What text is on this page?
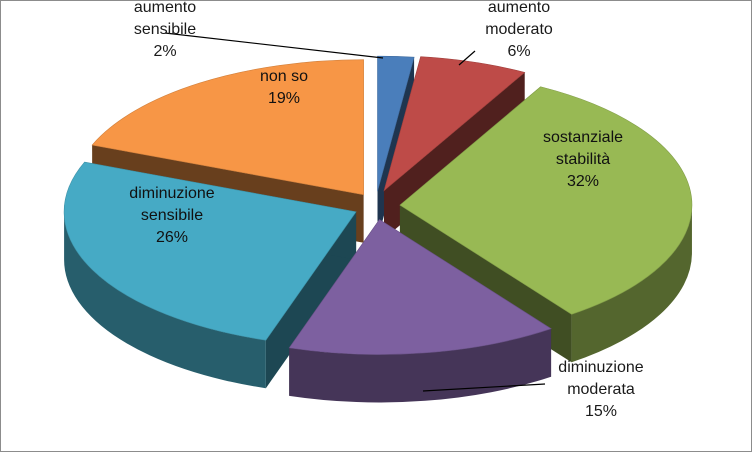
aumento sensibile 2%
aumento moderato 6%
sostanziale stabilità 32%
diminuzione moderata 15%
diminuzione sensibile 26%
non so 19%
